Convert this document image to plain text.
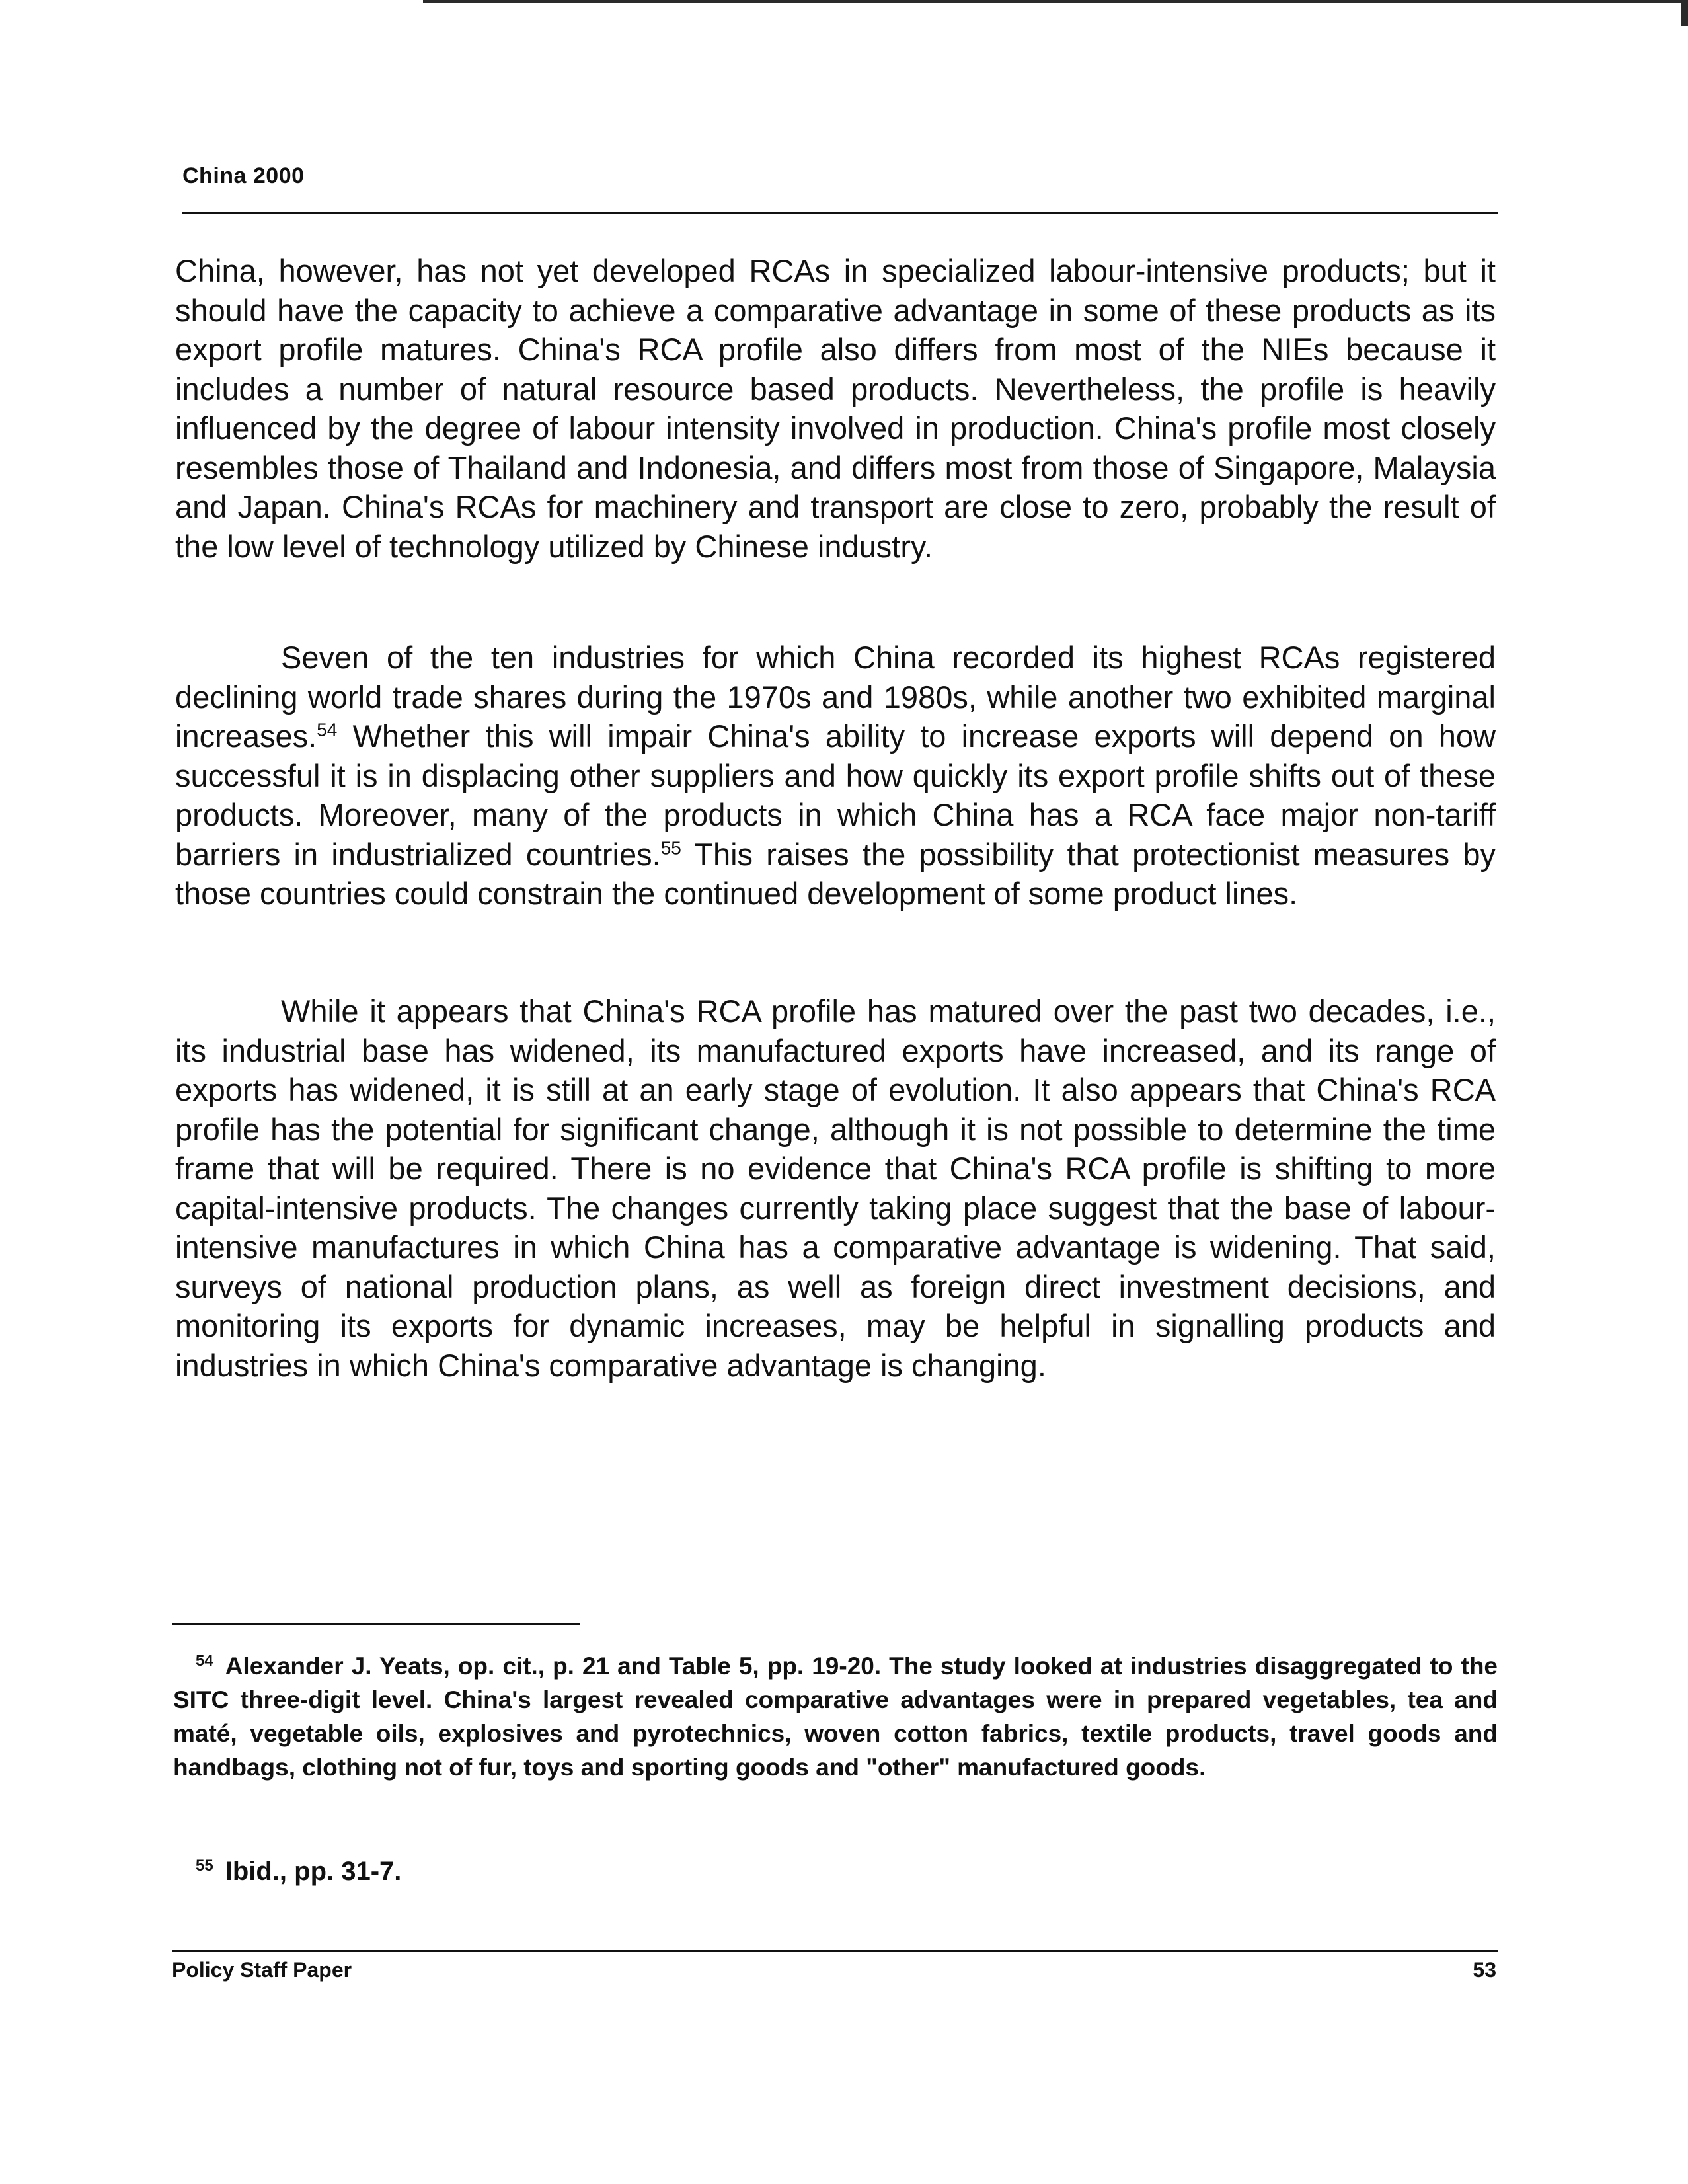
China 2000

China, however, has not yet developed RCAs in specialized labour-intensive products; but it should have the capacity to achieve a comparative advantage in some of these products as its export profile matures. China's RCA profile also differs from most of the NIEs because it includes a number of natural resource based products. Nevertheless, the profile is heavily influenced by the degree of labour intensity involved in production. China's profile most closely resembles those of Thailand and Indonesia, and differs most from those of Singapore, Malaysia and Japan. China's RCAs for machinery and transport are close to zero, probably the result of the low level of technology utilized by Chinese industry.

Seven of the ten industries for which China recorded its highest RCAs registered declining world trade shares during the 1970s and 1980s, while another two exhibited marginal increases.$^{54}$ Whether this will impair China's ability to increase exports will depend on how successful it is in displacing other suppliers and how quickly its export profile shifts out of these products. Moreover, many of the products in which China has a RCA face major non-tariff barriers in industrialized countries.$^{55}$ This raises the possibility that protectionist measures by those countries could constrain the continued development of some product lines.

While it appears that China's RCA profile has matured over the past two decades, i.e., its industrial base has widened, its manufactured exports have increased, and its range of exports has widened, it is still at an early stage of evolution. It also appears that China's RCA profile has the potential for significant change, although it is not possible to determine the time frame that will be required. There is no evidence that China's RCA profile is shifting to more capital-intensive products. The changes currently taking place suggest that the base of labour-intensive manufactures in which China has a comparative advantage is widening. That said, surveys of national production plans, as well as foreign direct investment decisions, and monitoring its exports for dynamic increases, may be helpful in signalling products and industries in which China's comparative advantage is changing.

$^{54}$ Alexander J. Yeats, op. cit., p. 21 and Table 5, pp. 19-20. The study looked at industries disaggregated to the SITC three-digit level. China's largest revealed comparative advantages were in prepared vegetables, tea and maté, vegetable oils, explosives and pyrotechnics, woven cotton fabrics, textile products, travel goods and handbags, clothing not of fur, toys and sporting goods and "other" manufactured goods.

$^{55}$ Ibid., pp. 31-7.

Policy Staff Paper	53
